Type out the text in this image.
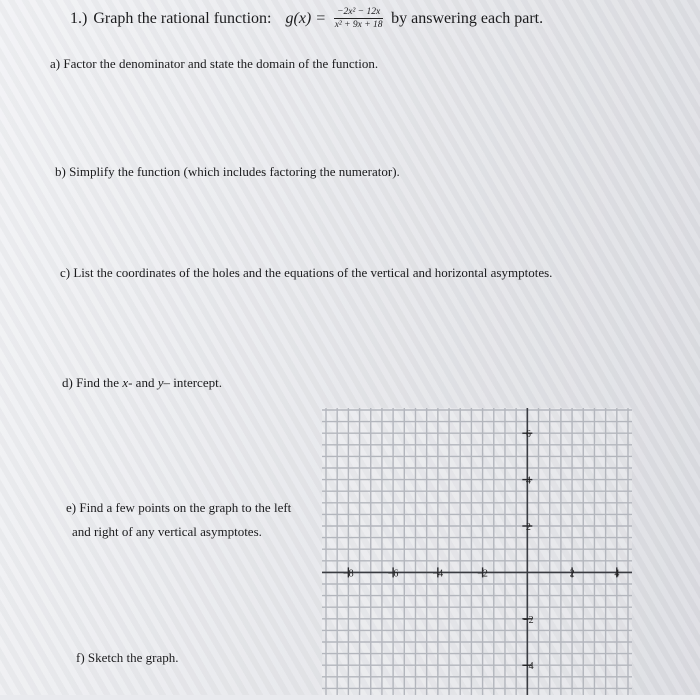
1.) Graph the rational function: $g(x) = \frac{\text{−2x² − 12x}}{\text{x² + 9x + 18}}$ by answering each part.
a) Factor the denominator and state the domain of the function.
b) Simplify the function (which includes factoring the numerator).
c) List the coordinates of the holes and the equations of the vertical and horizontal asymptotes.
d) Find the x- and y– intercept.
e) Find a few points on the graph to the left
and right of any vertical asymptotes.
f) Sketch the graph.
−8	−6	−4	−2	2	4
6
4
2
−2
−4
